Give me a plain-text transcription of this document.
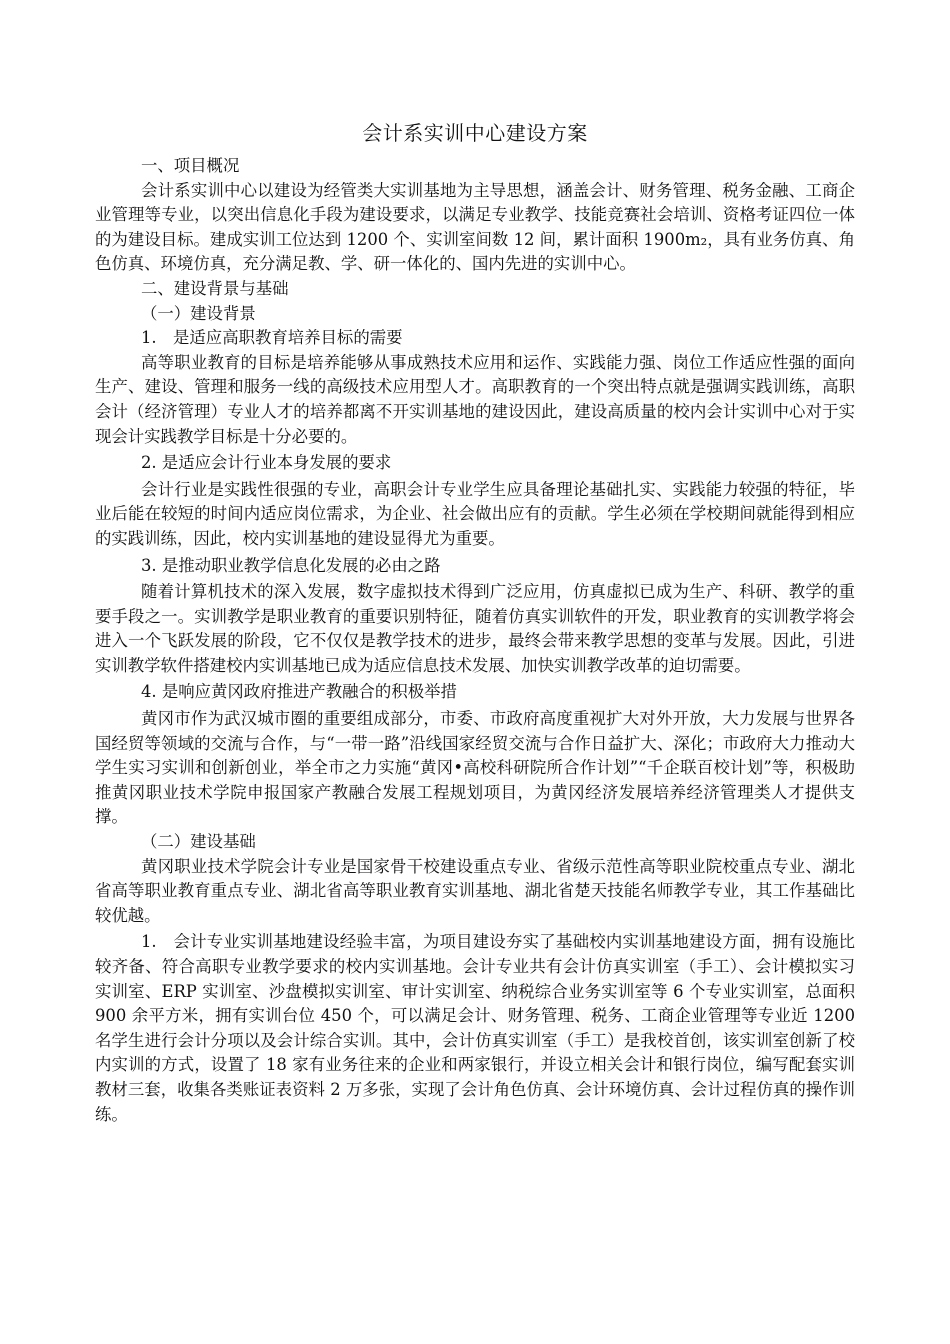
会计系实训中心建设方案
一、项目概况
会计系实训中心以建设为经管类大实训基地为主导思想，涵盖会计、财务管理、税务金融、工商企业管理等专业，以突出信息化手段为建设要求，以满足专业教学、技能竞赛社会培训、资格考证四位一体的为建设目标。建成实训工位达到 1200 个、实训室间数 12 间，累计面积 1900m₂，具有业务仿真、角色仿真、环境仿真，充分满足教、学、研一体化的、国内先进的实训中心。
二、建设背景与基础
（一）建设背景
1.　是适应高职教育培养目标的需要
高等职业教育的目标是培养能够从事成熟技术应用和运作、实践能力强、岗位工作适应性强的面向生产、建设、管理和服务一线的高级技术应用型人才。高职教育的一个突出特点就是强调实践训练，高职会计（经济管理）专业人才的培养都离不开实训基地的建设因此，建设高质量的校内会计实训中心对于实现会计实践教学目标是十分必要的。
2. 是适应会计行业本身发展的要求
会计行业是实践性很强的专业，高职会计专业学生应具备理论基础扎实、实践能力较强的特征，毕业后能在较短的时间内适应岗位需求，为企业、社会做出应有的贡献。学生必须在学校期间就能得到相应的实践训练，因此，校内实训基地的建设显得尤为重要。
3. 是推动职业教学信息化发展的必由之路
随着计算机技术的深入发展，数字虚拟技术得到广泛应用，仿真虚拟已成为生产、科研、教学的重要手段之一。实训教学是职业教育的重要识别特征，随着仿真实训软件的开发，职业教育的实训教学将会进入一个飞跃发展的阶段，它不仅仅是教学技术的进步，最终会带来教学思想的变革与发展。因此，引进实训教学软件搭建校内实训基地已成为适应信息技术发展、加快实训教学改革的迫切需要。
4. 是响应黄冈政府推进产教融合的积极举措
黄冈市作为武汉城市圈的重要组成部分，市委、市政府高度重视扩大对外开放，大力发展与世界各国经贸等领域的交流与合作，与“一带一路”沿线国家经贸交流与合作日益扩大、深化；市政府大力推动大学生实习实训和创新创业，举全市之力实施“黄冈•高校科研院所合作计划”“千企联百校计划”等，积极助推黄冈职业技术学院申报国家产教融合发展工程规划项目，为黄冈经济发展培养经济管理类人才提供支撑。
（二）建设基础
黄冈职业技术学院会计专业是国家骨干校建设重点专业、省级示范性高等职业院校重点专业、湖北省高等职业教育重点专业、湖北省高等职业教育实训基地、湖北省楚天技能名师教学专业，其工作基础比较优越。
1.　会计专业实训基地建设经验丰富，为项目建设夯实了基础校内实训基地建设方面，拥有设施比较齐备、符合高职专业教学要求的校内实训基地。会计专业共有会计仿真实训室（手工）、会计模拟实习实训室、ERP 实训室、沙盘模拟实训室、审计实训室、纳税综合业务实训室等 6 个专业实训室，总面积 900 余平方米，拥有实训台位 450 个，可以满足会计、财务管理、税务、工商企业管理等专业近 1200 名学生进行会计分项以及会计综合实训。其中，会计仿真实训室（手工）是我校首创，该实训室创新了校内实训的方式，设置了 18 家有业务往来的企业和两家银行，并设立相关会计和银行岗位，编写配套实训教材三套，收集各类账证表资料 2 万多张，实现了会计角色仿真、会计环境仿真、会计过程仿真的操作训练。
